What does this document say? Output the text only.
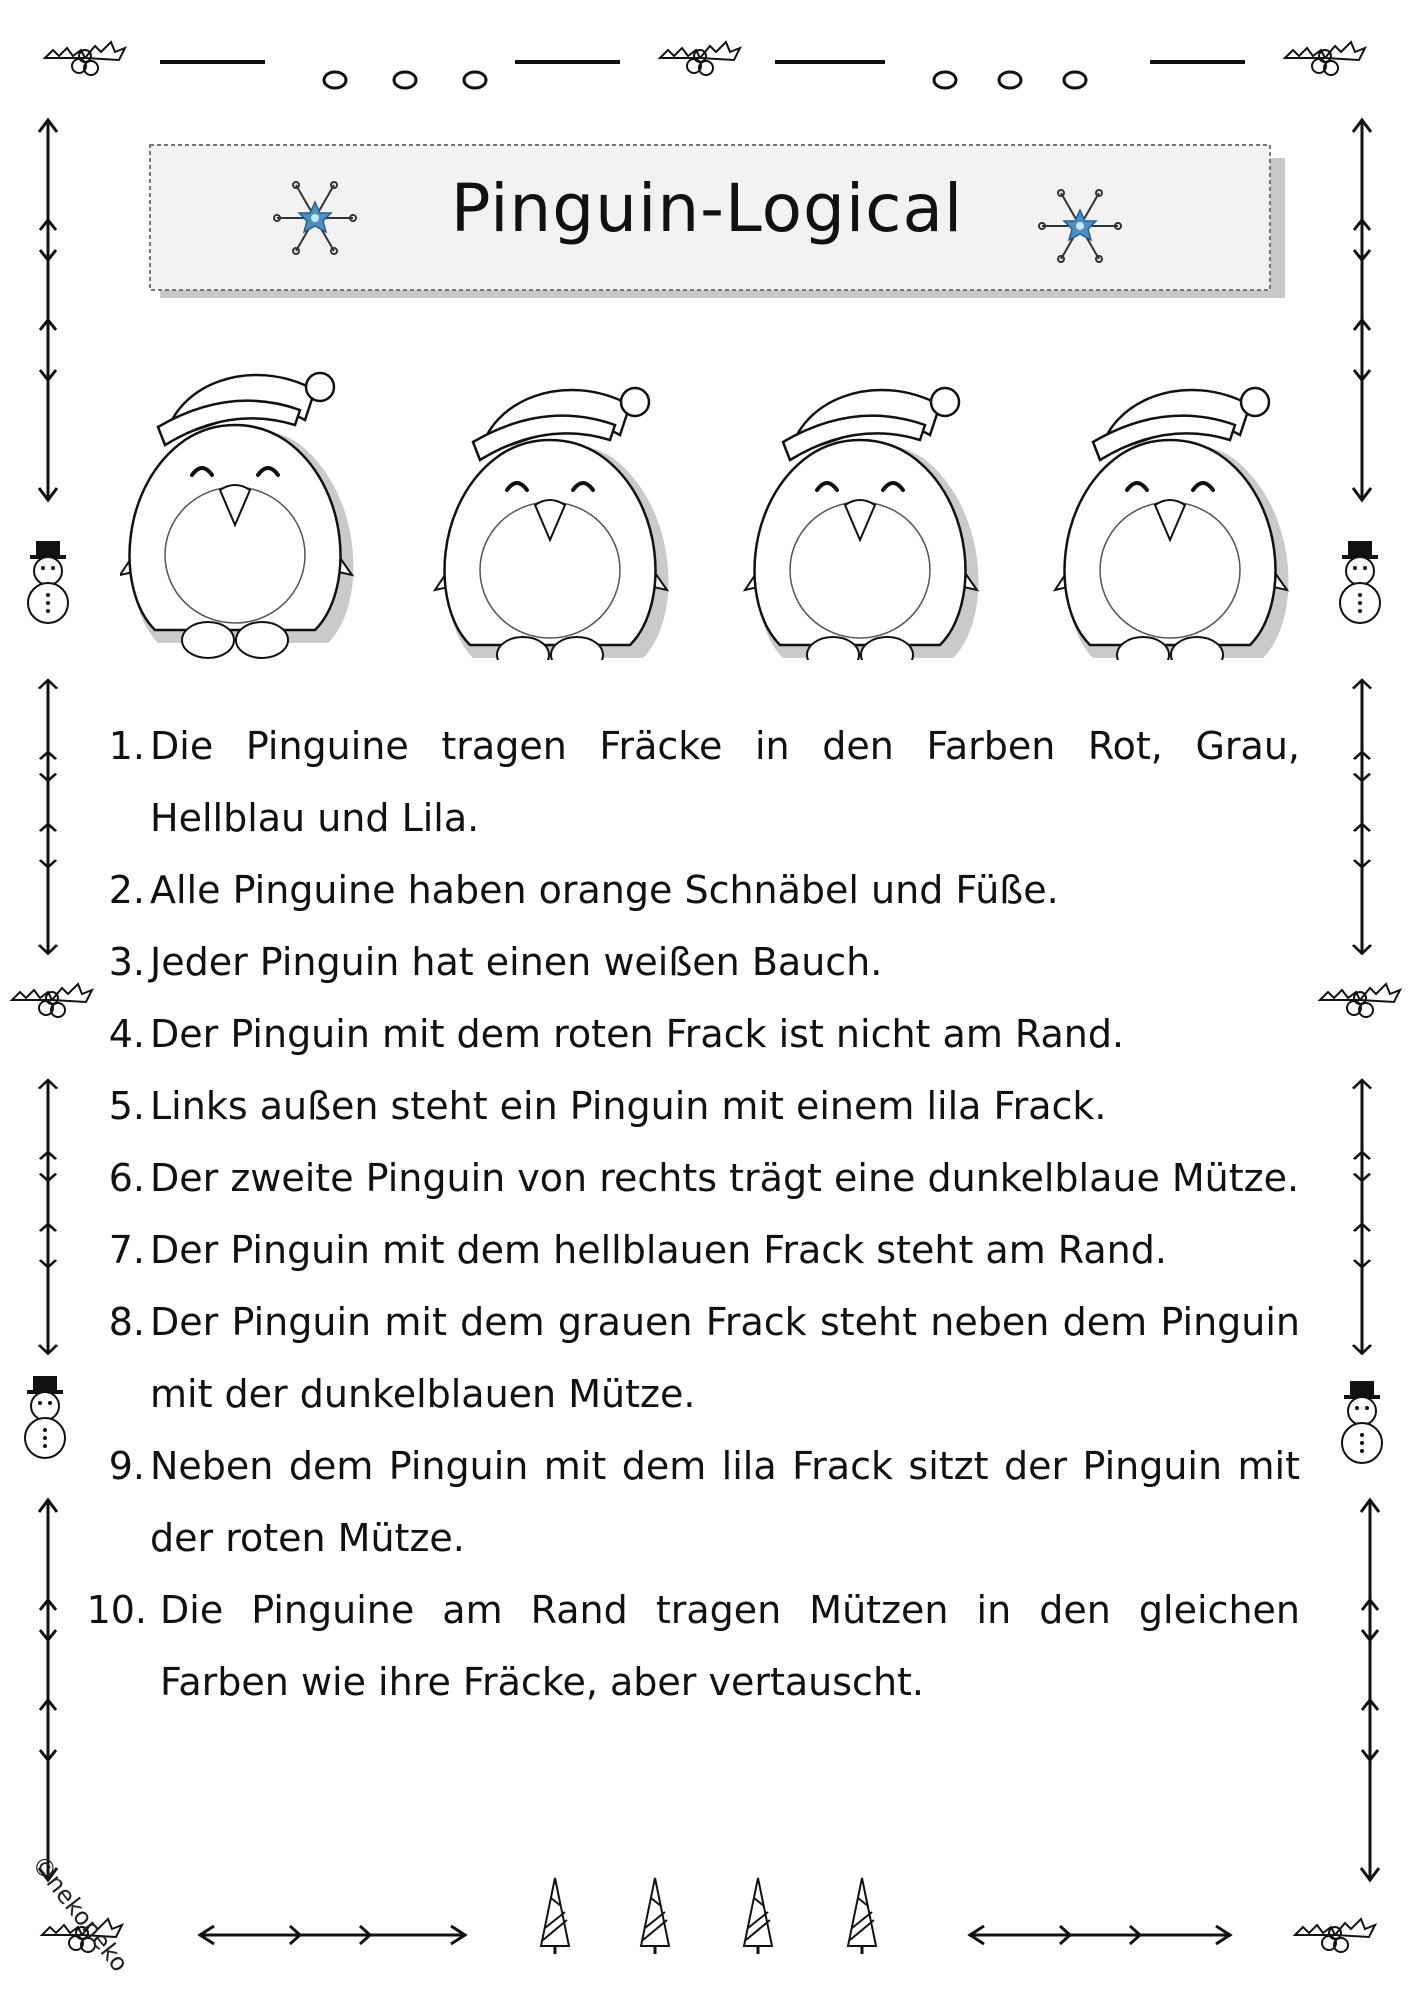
Pinguin-Logical
1. Die Pinguine tragen Fräcke in den Farben Rot, Grau, Hellblau und Lila.
2. Alle Pinguine haben orange Schnäbel und Füße.
3. Jeder Pinguin hat einen weißen Bauch.
4. Der Pinguin mit dem roten Frack ist nicht am Rand.
5. Links außen steht ein Pinguin mit einem lila Frack.
6. Der zweite Pinguin von rechts trägt eine dunkelblaue Mütze.
7. Der Pinguin mit dem hellblauen Frack steht am Rand.
8. Der Pinguin mit dem grauen Frack steht neben dem Pinguin mit der dunkelblauen Mütze.
9. Neben dem Pinguin mit dem lila Frack sitzt der Pinguin mit der roten Mütze.
10. Die Pinguine am Rand tragen Mützen in den gleichen Farben wie ihre Fräcke, aber vertauscht.
©nekoneko
